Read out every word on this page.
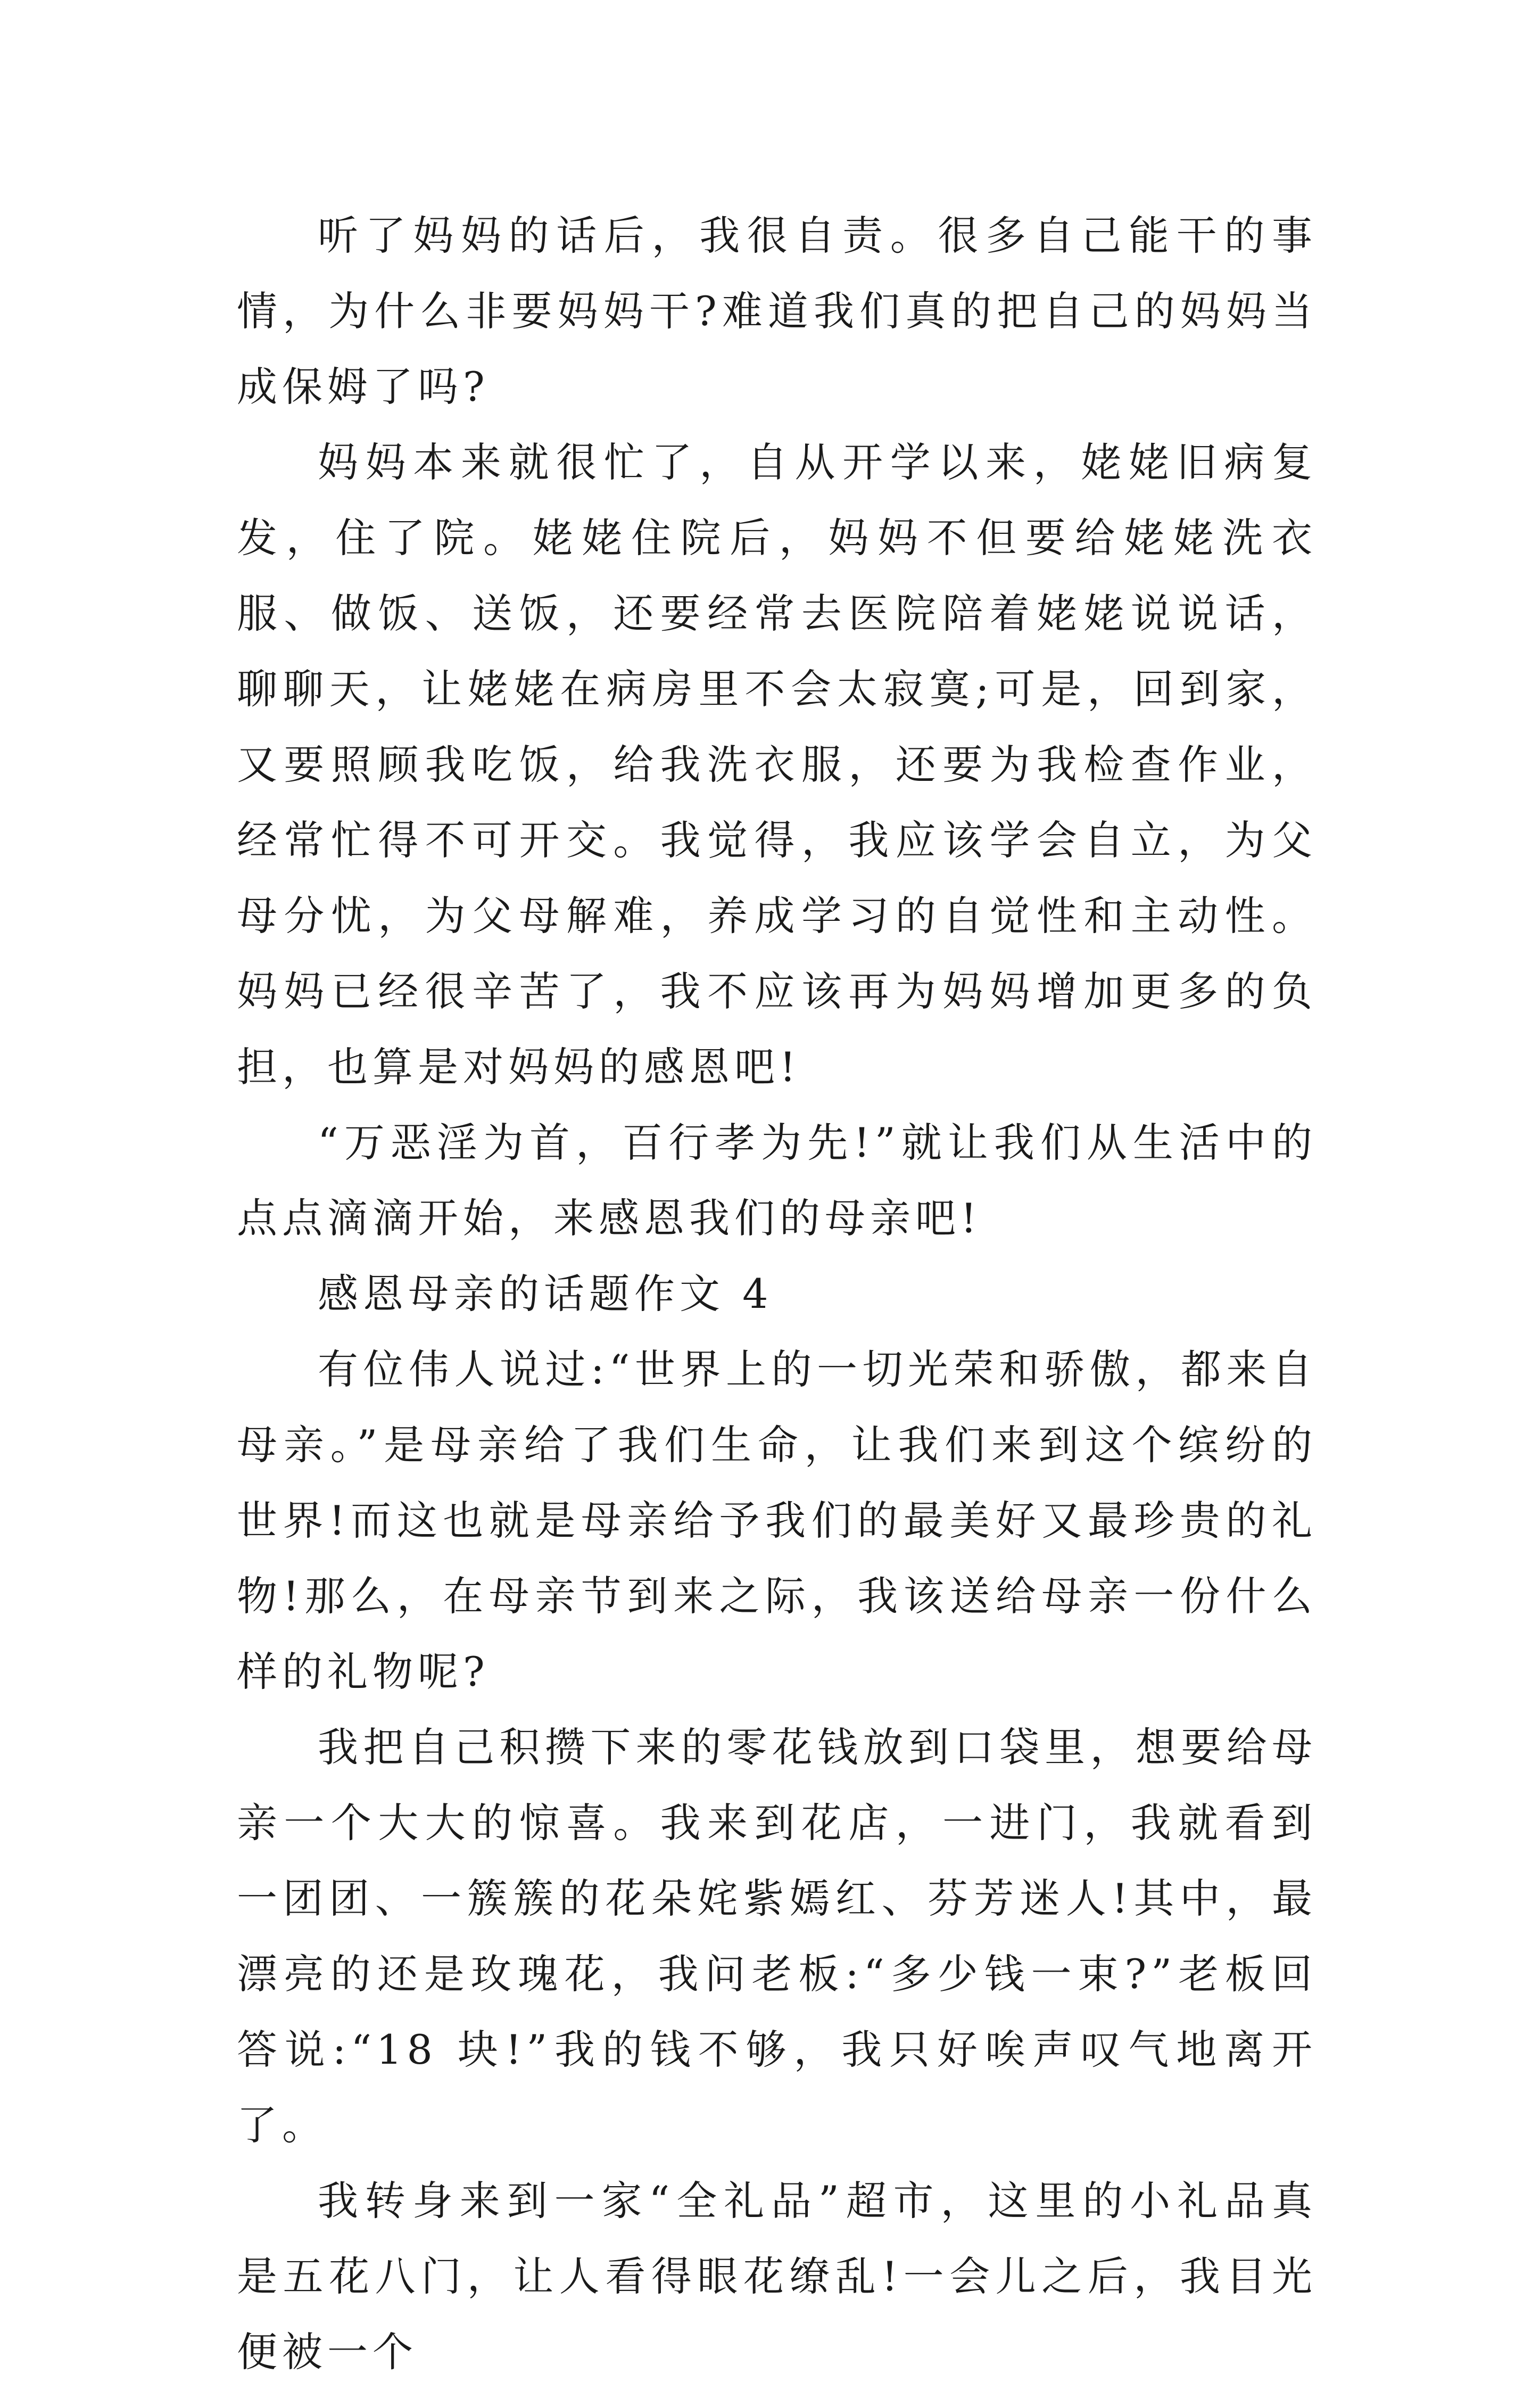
听了妈妈的话后，我很自责。很多自己能干的事情，为什么非要妈妈干?难道我们真的把自己的妈妈当成保姆了吗?

妈妈本来就很忙了，自从开学以来，姥姥旧病复发，住了院。姥姥住院后，妈妈不但要给姥姥洗衣服、做饭、送饭，还要经常去医院陪着姥姥说说话，聊聊天，让姥姥在病房里不会太寂寞;可是，回到家，又要照顾我吃饭，给我洗衣服，还要为我检查作业，经常忙得不可开交。我觉得，我应该学会自立，为父母分忧，为父母解难，养成学习的自觉性和主动性。妈妈已经很辛苦了，我不应该再为妈妈增加更多的负担，也算是对妈妈的感恩吧!

“万恶淫为首，百行孝为先!”就让我们从生活中的点点滴滴开始，来感恩我们的母亲吧!

感恩母亲的话题作文 4

有位伟人说过:“世界上的一切光荣和骄傲，都来自母亲。”是母亲给了我们生命，让我们来到这个缤纷的世界!而这也就是母亲给予我们的最美好又最珍贵的礼物!那么，在母亲节到来之际，我该送给母亲一份什么样的礼物呢?

我把自己积攒下来的零花钱放到口袋里，想要给母亲一个大大的惊喜。我来到花店，一进门，我就看到一团团、一簇簇的花朵姹紫嫣红、芬芳迷人!其中，最漂亮的还是玫瑰花，我问老板:“多少钱一束?”老板回答说:“18 块!”我的钱不够，我只好唉声叹气地离开了。

我转身来到一家“全礼品”超市，这里的小礼品真是五花八门，让人看得眼花缭乱!一会儿之后，我目光便被一个
